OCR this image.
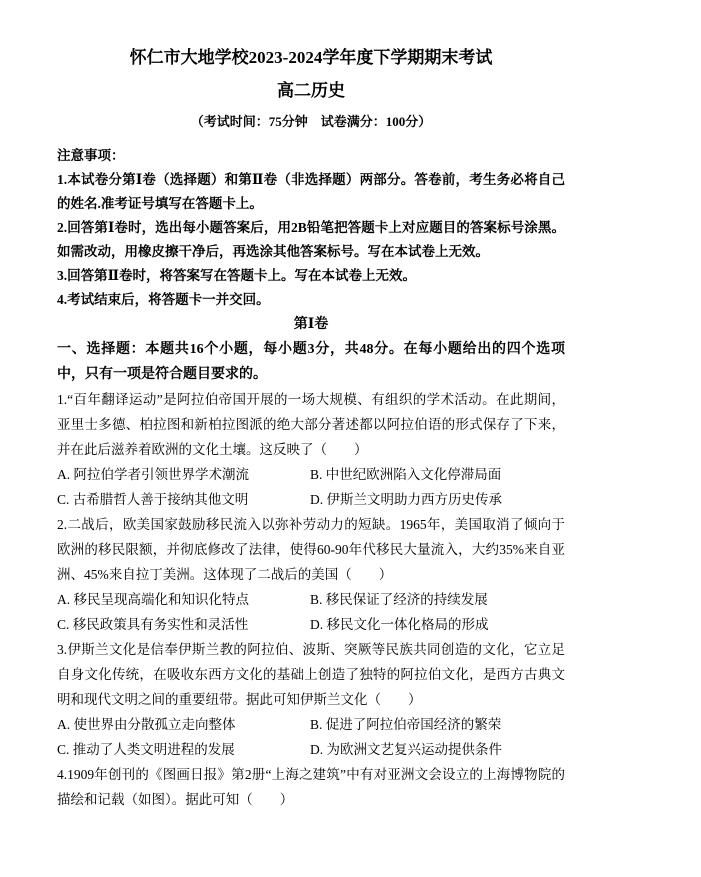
怀仁市大地学校2023-2024学年度下学期期末考试
高二历史

（考试时间：75分钟　试卷满分：100分）

注意事项：

1.本试卷分第Ⅰ卷（选择题）和第Ⅱ卷（非选择题）两部分。答卷前，考生务必将自己的姓名.准考证号填写在答题卡上。

2.回答第Ⅰ卷时，选出每小题答案后，用2B铅笔把答题卡上对应题目的答案标号涂黑。如需改动，用橡皮擦干净后，再选涂其他答案标号。写在本试卷上无效。

3.回答第Ⅱ卷时，将答案写在答题卡上。写在本试卷上无效。

4.考试结束后，将答题卡一并交回。

第Ⅰ卷

一、选择题：本题共16个小题，每小题3分，共48分。在每小题给出的四个选项中，只有一项是符合题目要求的。

1.“百年翻译运动”是阿拉伯帝国开展的一场大规模、有组织的学术活动。在此期间，亚里士多德、柏拉图和新柏拉图派的绝大部分著述都以阿拉伯语的形式保存了下来，并在此后滋养着欧洲的文化土壤。这反映了（　　）

A. 阿拉伯学者引领世界学术潮流	B. 中世纪欧洲陷入文化停滞局面
C. 古希腊哲人善于接纳其他文明	D. 伊斯兰文明助力西方历史传承

2.二战后，欧美国家鼓励移民流入以弥补劳动力的短缺。1965年，美国取消了倾向于欧洲的移民限额，并彻底修改了法律，使得60-90年代移民大量流入，大约35%来自亚洲、45%来自拉丁美洲。这体现了二战后的美国（　　）

A. 移民呈现高端化和知识化特点	B. 移民保证了经济的持续发展
C. 移民政策具有务实性和灵活性	D. 移民文化一体化格局的形成

3.伊斯兰文化是信奉伊斯兰教的阿拉伯、波斯、突厥等民族共同创造的文化，它立足自身文化传统，在吸收东西方文化的基础上创造了独特的阿拉伯文化，是西方古典文明和现代文明之间的重要纽带。据此可知伊斯兰文化（　　）

A. 使世界由分散孤立走向整体	B. 促进了阿拉伯帝国经济的繁荣
C. 推动了人类文明进程的发展	D. 为欧洲文艺复兴运动提供条件

4.1909年创刊的《图画日报》第2册“上海之建筑”中有对亚洲文会设立的上海博物院的描绘和记载（如图）。据此可知（　　）
